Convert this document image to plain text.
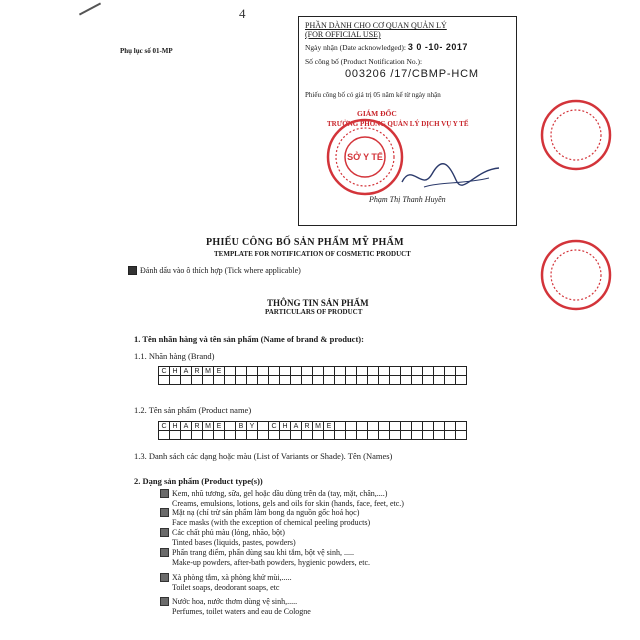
4
Phụ lục số 01-MP
PHẦN DÀNH CHO CƠ QUAN QUẢN LÝ
(FOR OFFICIAL USE)
Ngày nhận (Date acknowledged): 3 0 -10- 2017
Số công bố (Product Notification No.):
003206 /17/CBMP-HCM
Phiếu công bố có giá trị 05 năm kể từ ngày nhận
GIÁM ĐỐC
TRƯỞNG PHÒNG QUẢN LÝ DỊCH VỤ Y TẾ
SỞ Y TẾ
Phạm Thị Thanh Huyền
PHIẾU CÔNG BỐ SẢN PHẨM MỸ PHẨM
TEMPLATE FOR NOTIFICATION OF COSMETIC PRODUCT
Đánh dấu vào ô thích hợp (Tick where applicable)
THÔNG TIN SẢN PHẨM
PARTICULARS OF PRODUCT
1. Tên nhãn hàng và tên sản phẩm (Name of brand & product):
1.1. Nhãn hàng (Brand)
C H A R M E
1.2. Tên sản phẩm (Product name)
C H A R M E	B Y	C H A R M E
1.3. Danh sách các dạng hoặc màu (List of Variants or Shade). Tên (Names)
2. Dạng sản phẩm (Product type(s))
Kem, nhũ tương, sữa, gel hoặc dầu dùng trên da (tay, mặt, chân,....)
Creams, emulsions, lotions, gels and oils for skin (hands, face, feet, etc.)
Mặt nạ (chỉ trừ sản phẩm làm bong da nguồn gốc hoá học)
Face masks (with the exception of chemical peeling products)
Các chất phủ màu (lỏng, nhão, bột)
Tinted bases (liquids, pastes, powders)
Phấn trang điểm, phấn dùng sau khi tắm, bột vệ sinh, .....
Make-up powders, after-bath powders, hygienic powders, etc.
Xà phòng tắm, xà phòng khử mùi,.....
Toilet soaps, deodorant soaps, etc
Nước hoa, nước thơm dùng vệ sinh,.....
Perfumes, toilet waters and eau de Cologne
